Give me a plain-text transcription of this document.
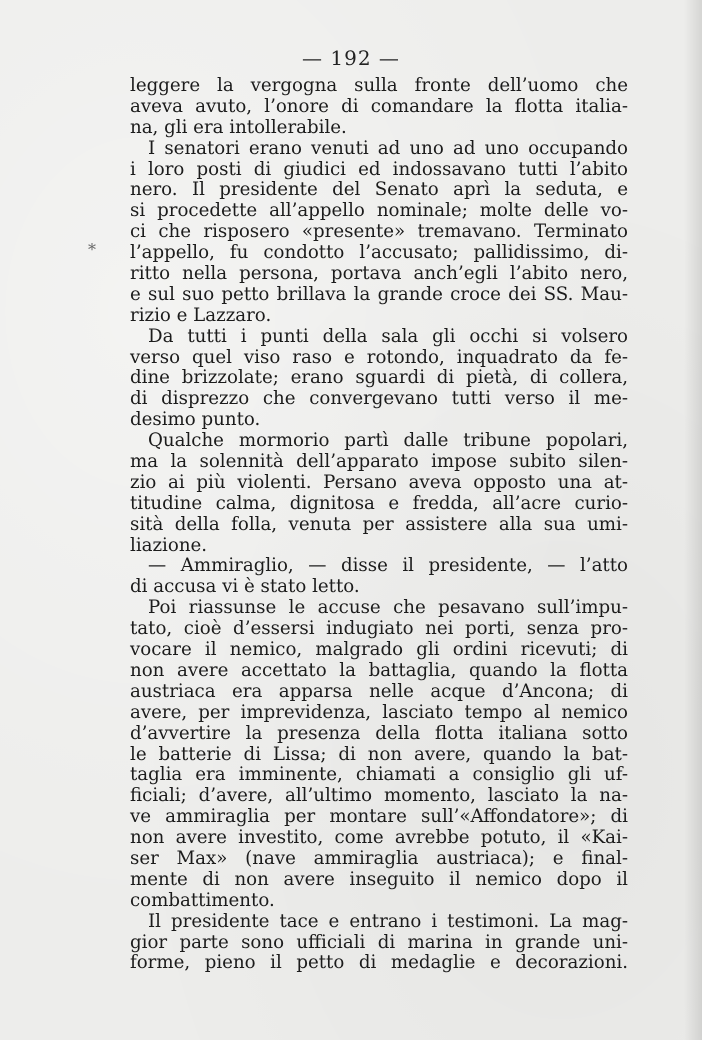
— 192 —
*
leggere la vergogna sulla fronte dell’uomo che
aveva avuto, l’onore di comandare la flotta italia-
na, gli era intollerabile.
I senatori erano venuti ad uno ad uno occupando
i loro posti di giudici ed indossavano tutti l’abito
nero. Il presidente del Senato aprì la seduta, e
si procedette all’appello nominale; molte delle vo-
ci che risposero «presente» tremavano. Terminato
l’appello, fu condotto l’accusato; pallidissimo, di-
ritto nella persona, portava anch’egli l’abito nero,
e sul suo petto brillava la grande croce dei SS. Mau-
rizio e Lazzaro.
Da tutti i punti della sala gli occhi si volsero
verso quel viso raso e rotondo, inquadrato da fe-
dine brizzolate; erano sguardi di pietà, di collera,
di disprezzo che convergevano tutti verso il me-
desimo punto.
Qualche mormorio partì dalle tribune popolari,
ma la solennità dell’apparato impose subito silen-
zio ai più violenti. Persano aveva opposto una at-
titudine calma, dignitosa e fredda, all’acre curio-
sità della folla, venuta per assistere alla sua umi-
liazione.
— Ammiraglio, — disse il presidente, — l’atto
di accusa vi è stato letto.
Poi riassunse le accuse che pesavano sull’impu-
tato, cioè d’essersi indugiato nei porti, senza pro-
vocare il nemico, malgrado gli ordini ricevuti; di
non avere accettato la battaglia, quando la flotta
austriaca era apparsa nelle acque d’Ancona; di
avere, per imprevidenza, lasciato tempo al nemico
d’avvertire la presenza della flotta italiana sotto
le batterie di Lissa; di non avere, quando la bat-
taglia era imminente, chiamati a consiglio gli uf-
ficiali; d’avere, all’ultimo momento, lasciato la na-
ve ammiraglia per montare sull’«Affondatore»; di
non avere investito, come avrebbe potuto, il «Kai-
ser Max» (nave ammiraglia austriaca); e final-
mente di non avere inseguito il nemico dopo il
combattimento.
Il presidente tace e entrano i testimoni. La mag-
gior parte sono ufficiali di marina in grande uni-
forme, pieno il petto di medaglie e decorazioni.
